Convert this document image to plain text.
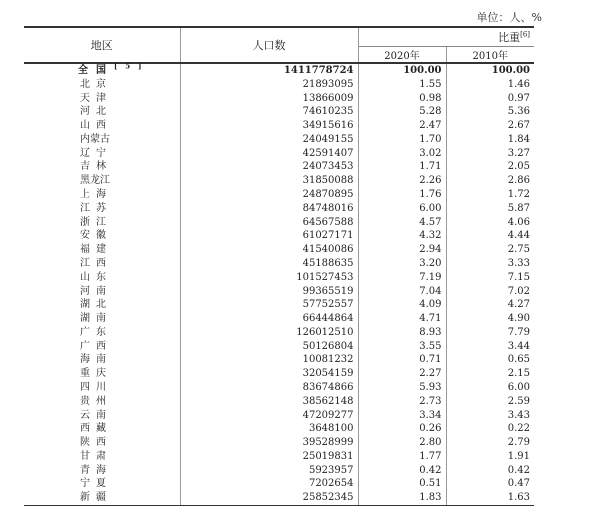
单位：人、%
地区	人口数	比重[6]
		2020年	2010年
全国[5]	1411778724	100.00	100.00
北京	21893095	1.55	1.46
天津	13866009	0.98	0.97
河北	74610235	5.28	5.36
山西	34915616	2.47	2.67
内蒙古	24049155	1.70	1.84
辽宁	42591407	3.02	3.27
吉林	24073453	1.71	2.05
黑龙江	31850088	2.26	2.86
上海	24870895	1.76	1.72
江苏	84748016	6.00	5.87
浙江	64567588	4.57	4.06
安徽	61027171	4.32	4.44
福建	41540086	2.94	2.75
江西	45188635	3.20	3.33
山东	101527453	7.19	7.15
河南	99365519	7.04	7.02
湖北	57752557	4.09	4.27
湖南	66444864	4.71	4.90
广东	126012510	8.93	7.79
广西	50126804	3.55	3.44
海南	10081232	0.71	0.65
重庆	32054159	2.27	2.15
四川	83674866	5.93	6.00
贵州	38562148	2.73	2.59
云南	47209277	3.34	3.43
西藏	3648100	0.26	0.22
陕西	39528999	2.80	2.79
甘肃	25019831	1.77	1.91
青海	5923957	0.42	0.42
宁夏	7202654	0.51	0.47
新疆	25852345	1.83	1.63
